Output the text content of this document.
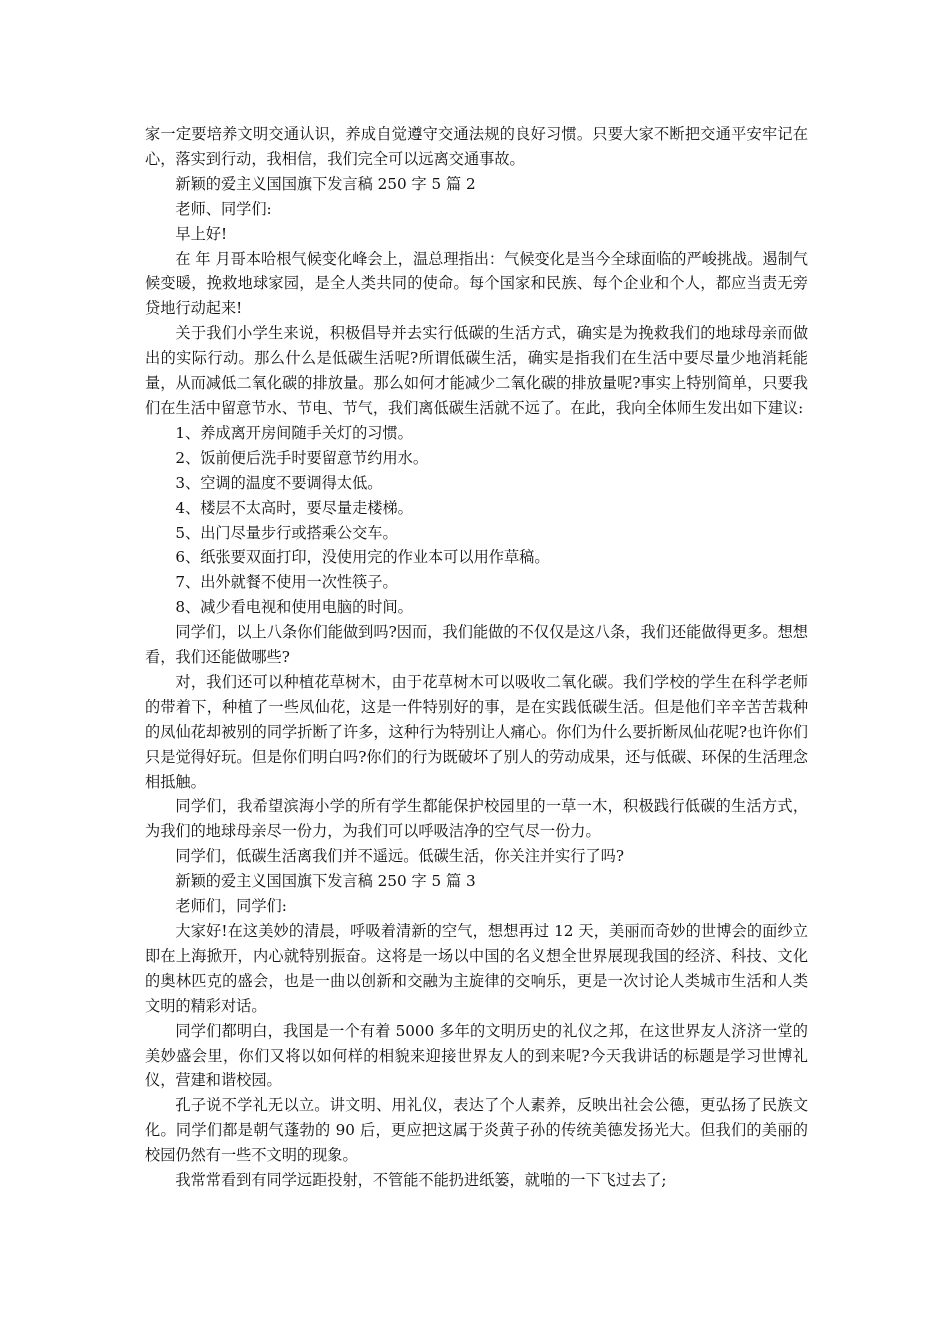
家一定要培养文明交通认识，养成自觉遵守交通法规的良好习惯。只要大家不断把交通平安牢记在心，落实到行动，我相信，我们完全可以远离交通事故。

新颖的爱主义国国旗下发言稿 250 字 5 篇 2

老师、同学们:

早上好!

在 年 月哥本哈根气候变化峰会上，温总理指出：气候变化是当今全球面临的严峻挑战。遏制气候变暖，挽救地球家园，是全人类共同的使命。每个国家和民族、每个企业和个人，都应当责无旁贷地行动起来!

关于我们小学生来说，积极倡导并去实行低碳的生活方式，确实是为挽救我们的地球母亲而做出的实际行动。那么什么是低碳生活呢?所谓低碳生活，确实是指我们在生活中要尽量少地消耗能量，从而减低二氧化碳的排放量。那么如何才能减少二氧化碳的排放量呢?事实上特别简单，只要我们在生活中留意节水、节电、节气，我们离低碳生活就不远了。在此，我向全体师生发出如下建议:

1、养成离开房间随手关灯的习惯。

2、饭前便后洗手时要留意节约用水。

3、空调的温度不要调得太低。

4、楼层不太高时，要尽量走楼梯。

5、出门尽量步行或搭乘公交车。

6、纸张要双面打印，没使用完的作业本可以用作草稿。

7、出外就餐不使用一次性筷子。

8、减少看电视和使用电脑的时间。

同学们，以上八条你们能做到吗?因而，我们能做的不仅仅是这八条，我们还能做得更多。想想看，我们还能做哪些?

对，我们还可以种植花草树木，由于花草树木可以吸收二氧化碳。我们学校的学生在科学老师的带着下，种植了一些凤仙花，这是一件特别好的事，是在实践低碳生活。但是他们辛辛苦苦栽种的凤仙花却被别的同学折断了许多，这种行为特别让人痛心。你们为什么要折断凤仙花呢?也许你们只是觉得好玩。但是你们明白吗?你们的行为既破坏了别人的劳动成果，还与低碳、环保的生活理念相抵触。

同学们，我希望滨海小学的所有学生都能保护校园里的一草一木，积极践行低碳的生活方式，为我们的地球母亲尽一份力，为我们可以呼吸洁净的空气尽一份力。

同学们，低碳生活离我们并不遥远。低碳生活，你关注并实行了吗?

新颖的爱主义国国旗下发言稿 250 字 5 篇 3

老师们，同学们:

大家好!在这美妙的清晨，呼吸着清新的空气，想想再过 12 天，美丽而奇妙的世博会的面纱立即在上海掀开，内心就特别振奋。这将是一场以中国的名义想全世界展现我国的经济、科技、文化的奥林匹克的盛会，也是一曲以创新和交融为主旋律的交响乐，更是一次讨论人类城市生活和人类文明的精彩对话。

同学们都明白，我国是一个有着 5000 多年的文明历史的礼仪之邦，在这世界友人济济一堂的美妙盛会里，你们又将以如何样的相貌来迎接世界友人的到来呢?今天我讲话的标题是学习世博礼仪，营建和谐校园。

孔子说不学礼无以立。讲文明、用礼仪，表达了个人素养，反映出社会公德，更弘扬了民族文化。同学们都是朝气蓬勃的 90 后，更应把这属于炎黄子孙的传统美德发扬光大。但我们的美丽的校园仍然有一些不文明的现象。

我常常看到有同学远距投射，不管能不能扔进纸篓，就啪的一下飞过去了;
